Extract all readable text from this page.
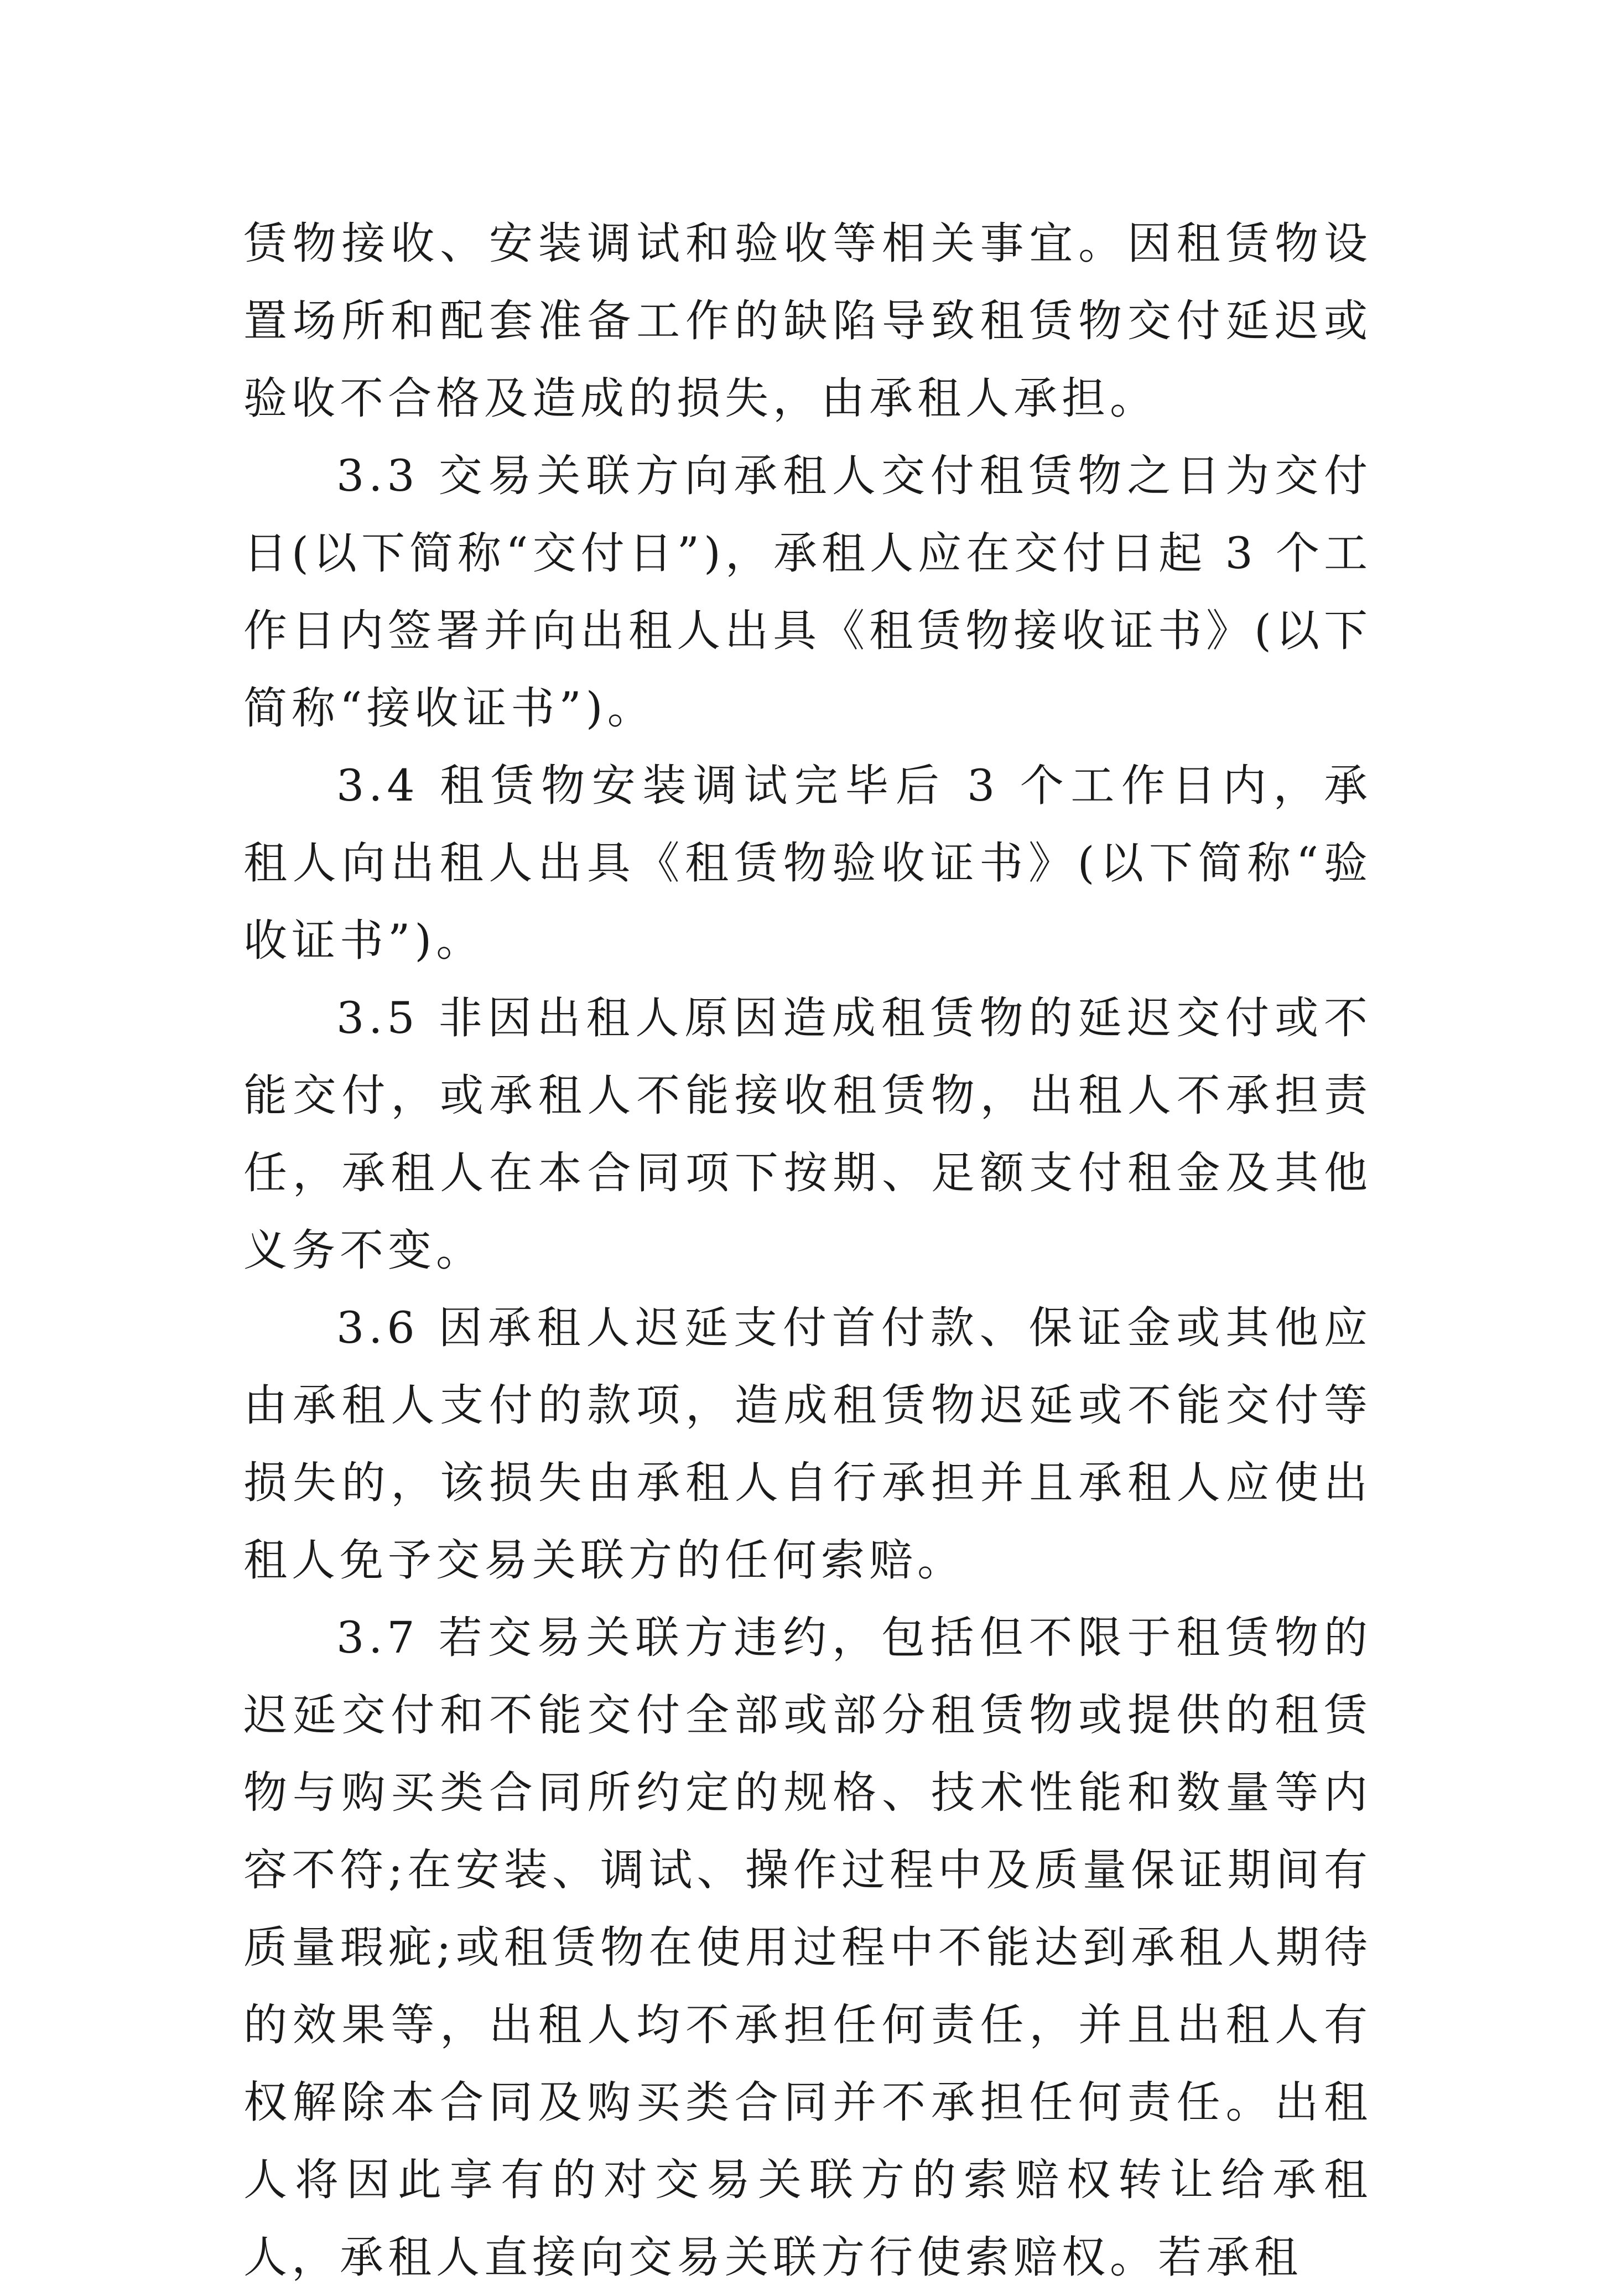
赁物接收、安装调试和验收等相关事宜。因租赁物设置场所和配套准备工作的缺陷导致租赁物交付延迟或验收不合格及造成的损失，由承租人承担。

3.3 交易关联方向承租人交付租赁物之日为交付日(以下简称“交付日”)，承租人应在交付日起 3 个工作日内签署并向出租人出具《租赁物接收证书》(以下简称“接收证书”)。

3.4 租赁物安装调试完毕后 3 个工作日内，承租人向出租人出具《租赁物验收证书》(以下简称“验收证书”)。

3.5 非因出租人原因造成租赁物的延迟交付或不能交付，或承租人不能接收租赁物，出租人不承担责任，承租人在本合同项下按期、足额支付租金及其他义务不变。

3.6 因承租人迟延支付首付款、保证金或其他应由承租人支付的款项，造成租赁物迟延或不能交付等损失的，该损失由承租人自行承担并且承租人应使出租人免予交易关联方的任何索赔。

3.7 若交易关联方违约，包括但不限于租赁物的迟延交付和不能交付全部或部分租赁物或提供的租赁物与购买类合同所约定的规格、技术性能和数量等内容不符;在安装、调试、操作过程中及质量保证期间有质量瑕疵;或租赁物在使用过程中不能达到承租人期待的效果等，出租人均不承担任何责任，并且出租人有权解除本合同及购买类合同并不承担任何责任。出租人将因此享有的对交易关联方的索赔权转让给承租人，承租人直接向交易关联方行使索赔权。若承租
